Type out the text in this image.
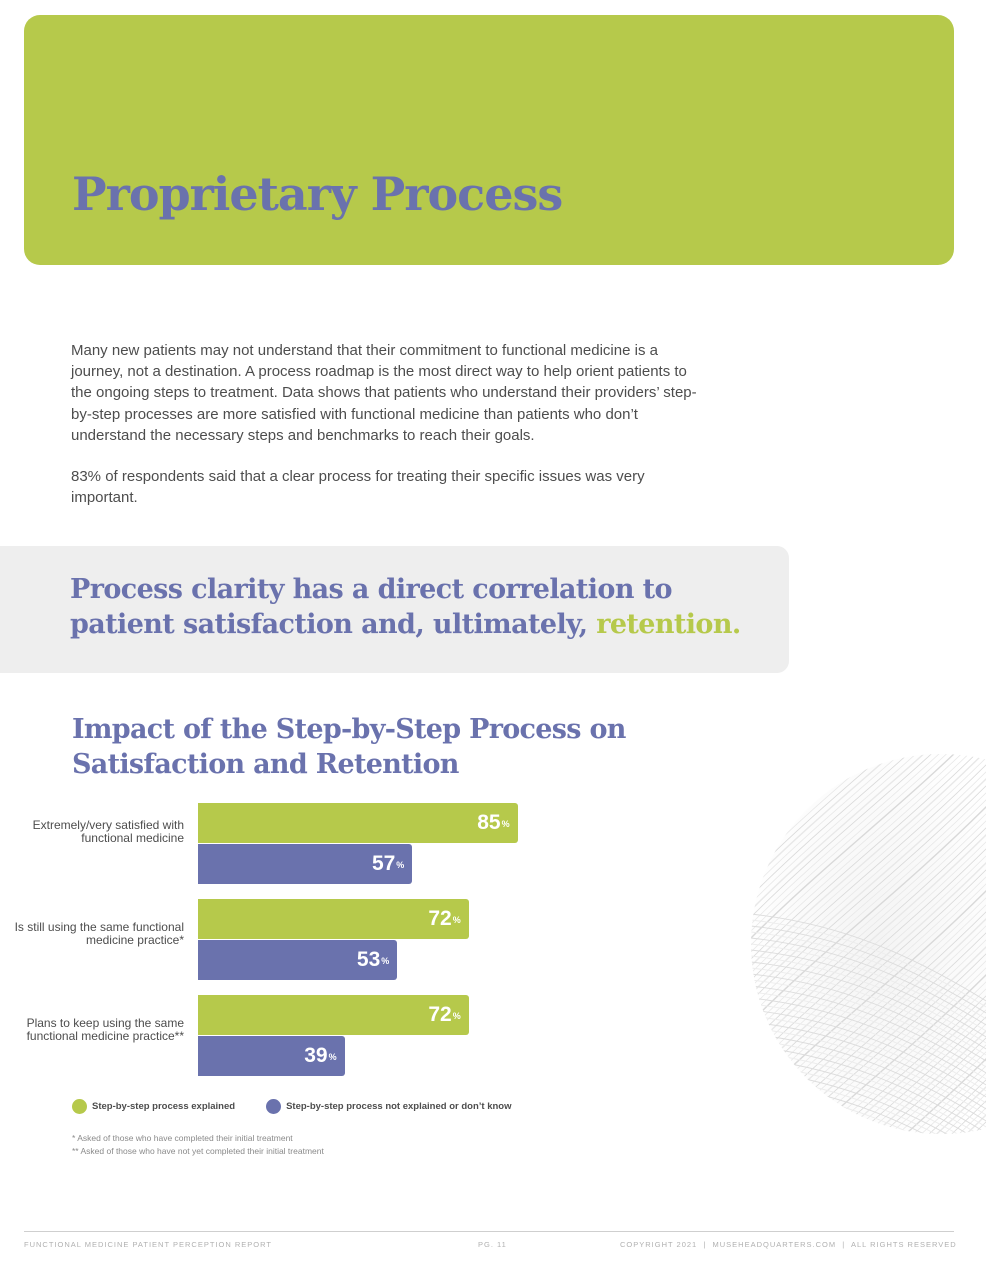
Proprietary Process

Many new patients may not understand that their commitment to functional medicine is a journey, not a destination. A process roadmap is the most direct way to help orient patients to the ongoing steps to treatment. Data shows that patients who understand their providers’ step-by-step processes are more satisfied with functional medicine than patients who don’t understand the necessary steps and benchmarks to reach their goals.

83% of respondents said that a clear process for treating their specific issues was very important.

Process clarity has a direct correlation to patient satisfaction and, ultimately, retention.
Impact of the Step-by-Step Process on Satisfaction and Retention
Extremely/very satisfied with functional medicine
85%
57%
Is still using the same functional medicine practice*
72%
53%
Plans to keep using the same functional medicine practice**
72%
39%
Step-by-step process explained	Step-by-step process not explained or don’t know
* Asked of those who have completed their initial treatment
** Asked of those who have not yet completed their initial treatment
FUNCTIONAL MEDICINE PATIENT PERCEPTION REPORT	PG. 11	COPYRIGHT 2021  |  MUSEHEADQUARTERS.COM  |  ALL RIGHTS RESERVED
